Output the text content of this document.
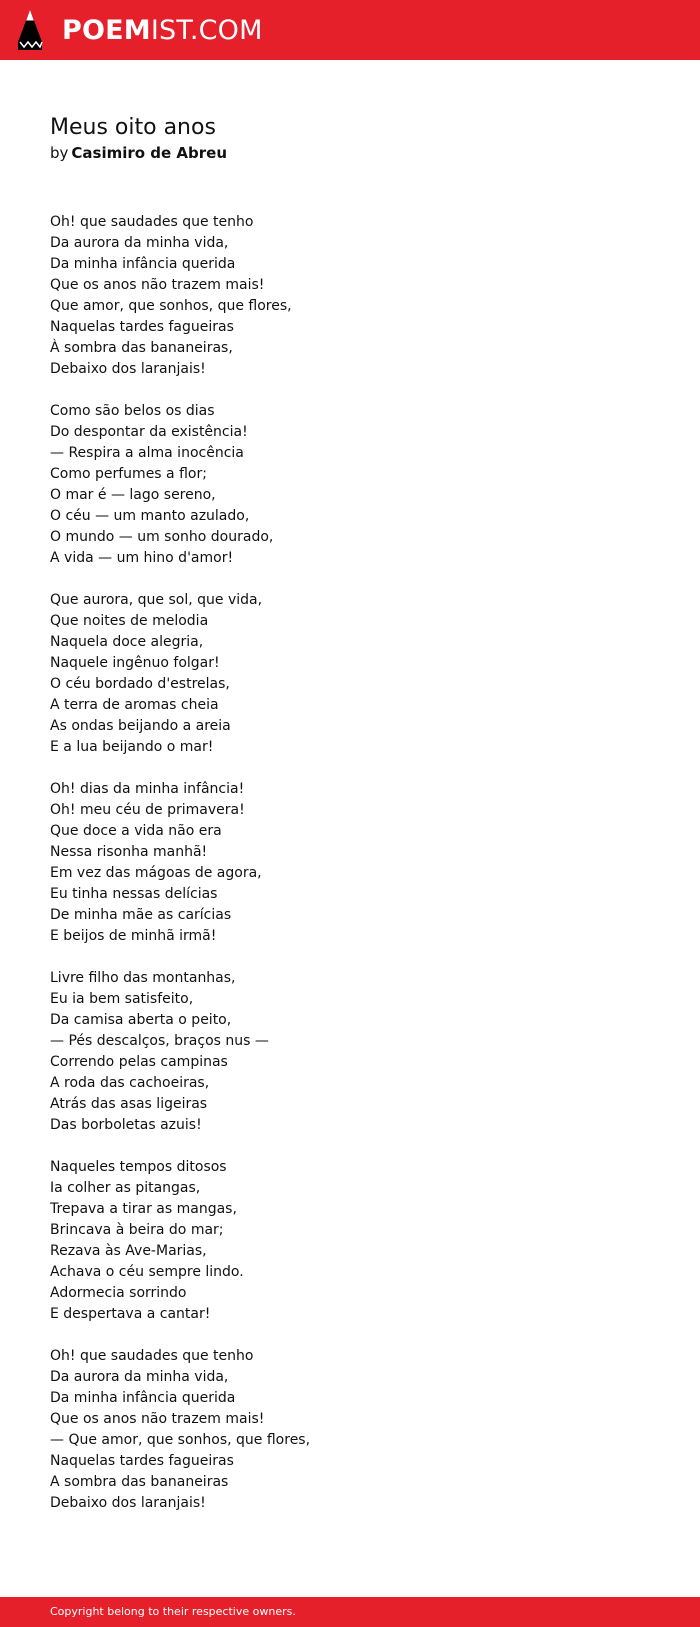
POEM IST.COM
Meus oito anos
by Casimiro de Abreu
Oh! que saudades que tenho
Da aurora da minha vida,
Da minha infância querida
Que os anos não trazem mais!
Que amor, que sonhos, que flores,
Naquelas tardes fagueiras
À sombra das bananeiras,
Debaixo dos laranjais!
Como são belos os dias
Do despontar da existência!
— Respira a alma inocência
Como perfumes a flor;
O mar é — lago sereno,
O céu — um manto azulado,
O mundo — um sonho dourado,
A vida — um hino d'amor!
Que aurora, que sol, que vida,
Que noites de melodia
Naquela doce alegria,
Naquele ingênuo folgar!
O céu bordado d'estrelas,
A terra de aromas cheia
As ondas beijando a areia
E a lua beijando o mar!
Oh! dias da minha infância!
Oh! meu céu de primavera!
Que doce a vida não era
Nessa risonha manhã!
Em vez das mágoas de agora,
Eu tinha nessas delícias
De minha mãe as carícias
E beijos de minhã irmã!
Livre filho das montanhas,
Eu ia bem satisfeito,
Da camisa aberta o peito,
— Pés descalços, braços nus —
Correndo pelas campinas
A roda das cachoeiras,
Atrás das asas ligeiras
Das borboletas azuis!
Naqueles tempos ditosos
Ia colher as pitangas,
Trepava a tirar as mangas,
Brincava à beira do mar;
Rezava às Ave-Marias,
Achava o céu sempre lindo.
Adormecia sorrindo
E despertava a cantar!
Oh! que saudades que tenho
Da aurora da minha vida,
Da minha infância querida
Que os anos não trazem mais!
— Que amor, que sonhos, que flores,
Naquelas tardes fagueiras
A sombra das bananeiras
Debaixo dos laranjais!
Copyright belong to their respective owners.
